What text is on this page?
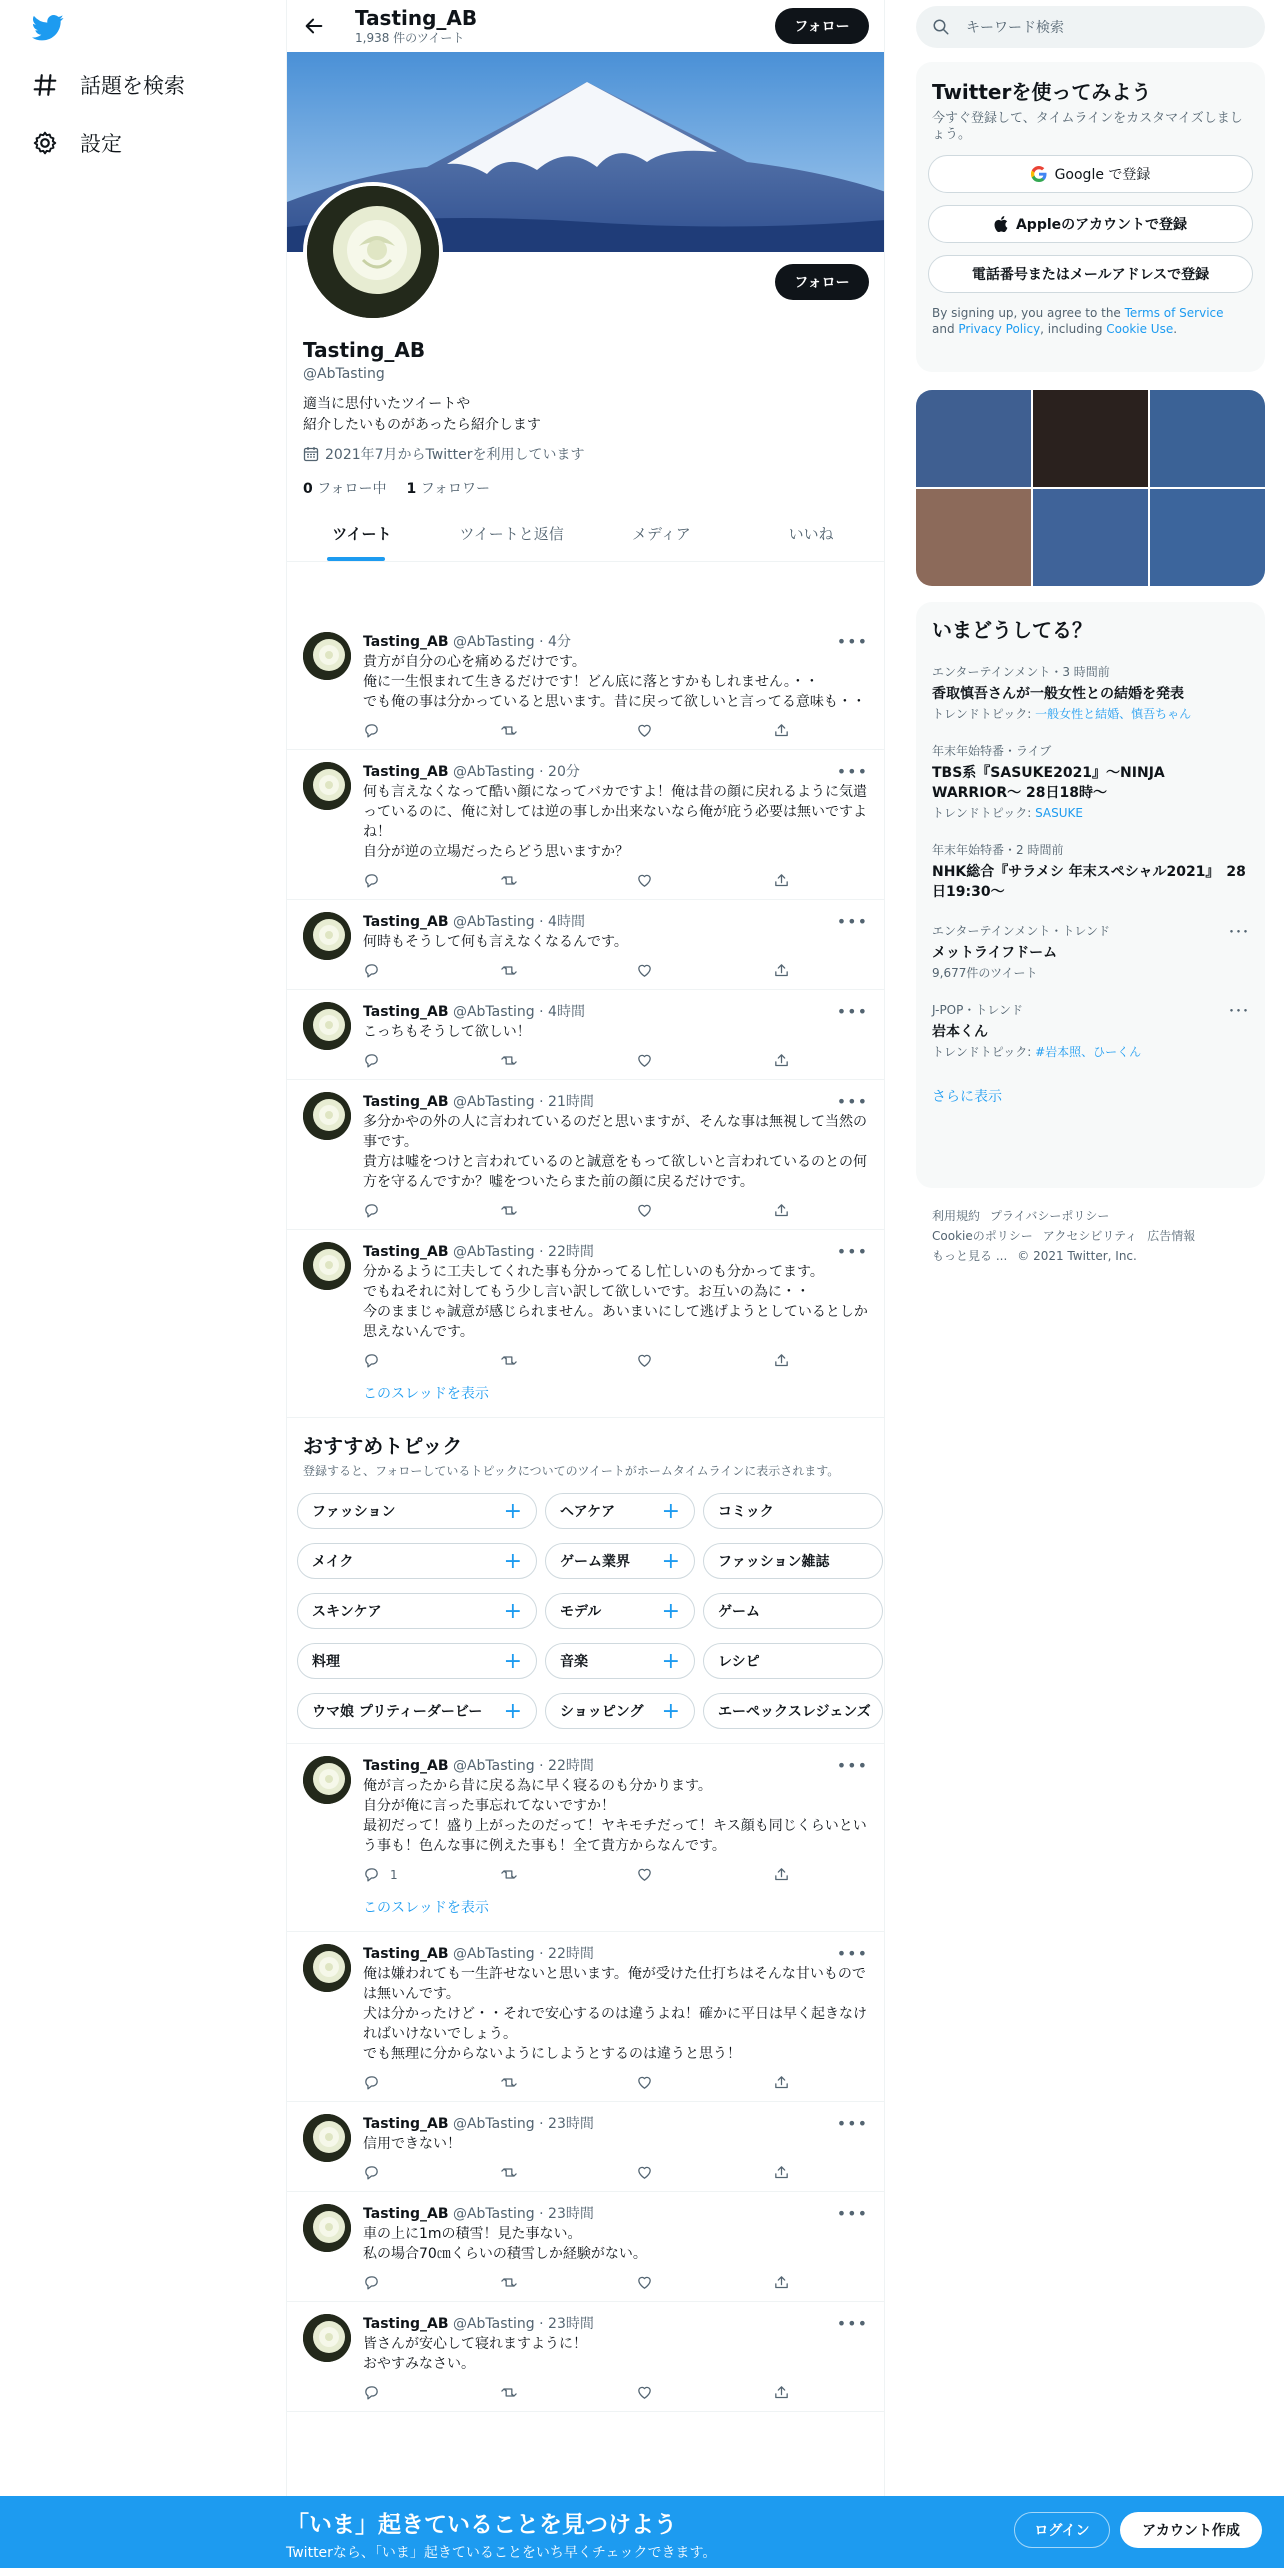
話題を検索
設定
Tasting_AB
1,938 件のツイート
フォロー
フォロー
Tasting_AB
@AbTasting
適当に思付いたツイートや
紹介したいものがあったら紹介します
2021年7月からTwitterを利用しています
0 フォロー中 1 フォロワー
ツイート	ツイートと返信	メディア	いいね
Tasting_AB @AbTasting · 4分	•••
貴方が自分の心を痛めるだけです。
俺に一生恨まれて生きるだけです！どん底に落とすかもしれません。・・
でも俺の事は分かっていると思います。昔に戻って欲しいと言ってる意味も・・
Tasting_AB @AbTasting · 20分	•••
何も言えなくなって酷い顔になってバカですよ！俺は昔の顔に戻れるように気遣っているのに、俺に対しては逆の事しか出来ないなら俺が庇う必要は無いですよね！
自分が逆の立場だったらどう思いますか？
Tasting_AB @AbTasting · 4時間	•••
何時もそうして何も言えなくなるんです。
Tasting_AB @AbTasting · 4時間	•••
こっちもそうして欲しい！
Tasting_AB @AbTasting · 21時間	•••
多分かやの外の人に言われているのだと思いますが、そんな事は無視して当然の事です。
貴方は嘘をつけと言われているのと誠意をもって欲しいと言われているのとの何方を守るんですか？嘘をついたらまた前の顔に戻るだけです。
Tasting_AB @AbTasting · 22時間	•••
分かるように工夫してくれた事も分かってるし忙しいのも分かってます。
でもねそれに対してもう少し言い訳して欲しいです。お互いの為に・・
今のままじゃ誠意が感じられません。あいまいにして逃げようとしているとしか思えないんです。
このスレッドを表示
おすすめトピック
登録すると、フォローしているトピックについてのツイートがホームタイムラインに表示されます。
ファッション	+	ヘアケア +	コミック
メイク	+	ゲーム業界 +	ファッション雑誌
スキンケア	+	モデル	+	ゲーム
料理	+	音楽	+	レシピ
ウマ娘 プリティーダービー +	ショッピング +	エーペックスレジェンズ
Tasting_AB @AbTasting · 22時間	•••
俺が言ったから昔に戻る為に早く寝るのも分かります。
自分が俺に言った事忘れてないですか！
最初だって！盛り上がったのだって！ヤキモチだって！キス顔も同じくらいという事も！色んな事に例えた事も！全て貴方からなんです。
1
このスレッドを表示
Tasting_AB @AbTasting · 22時間	•••
俺は嫌われても一生許せないと思います。俺が受けた仕打ちはそんな甘いものでは無いんです。
犬は分かったけど・・それで安心するのは違うよね！確かに平日は早く起きなければいけないでしょう。
でも無理に分からないようにしようとするのは違うと思う！
Tasting_AB @AbTasting · 23時間	•••
信用できない！
Tasting_AB @AbTasting · 23時間	•••
車の上に1mの積雪！見た事ない。
私の場合70㎝くらいの積雪しか経験がない。
Tasting_AB @AbTasting · 23時間	•••
皆さんが安心して寝れますように！
おやすみなさい。
キーワード検索
Twitterを使ってみよう
今すぐ登録して、タイムラインをカスタマイズしましょう。
Google で登録
Appleのアカウントで登録
電話番号またはメールアドレスで登録
By signing up, you agree to the Terms of Service and Privacy Policy, including Cookie Use.
いまどうしてる？
エンターテインメント・3 時間前
香取慎吾さんが一般女性との結婚を発表
トレンドトピック: 一般女性と結婚、慎吾ちゃん
年末年始特番・ライブ
TBS系『SASUKE2021』〜NINJA WARRIOR〜 28日18時〜
トレンドトピック: SASUKE
年末年始特番・2 時間前
NHK総合『サラメシ 年末スペシャル2021』　28日19:30〜
エンターテインメント・トレンド
メットライフドーム
9,677件のツイート
･･･
J-POP・トレンド
岩本くん
トレンドトピック: #岩本照、ひーくん
･･･
さらに表示
利用規約 プライバシーポリシー
Cookieのポリシー アクセシビリティ 広告情報
もっと見る ... © 2021 Twitter, Inc.
「いま」起きていることを見つけよう
Twitterなら、「いま」起きていることをいち早くチェックできます。
ログイン	アカウント作成
